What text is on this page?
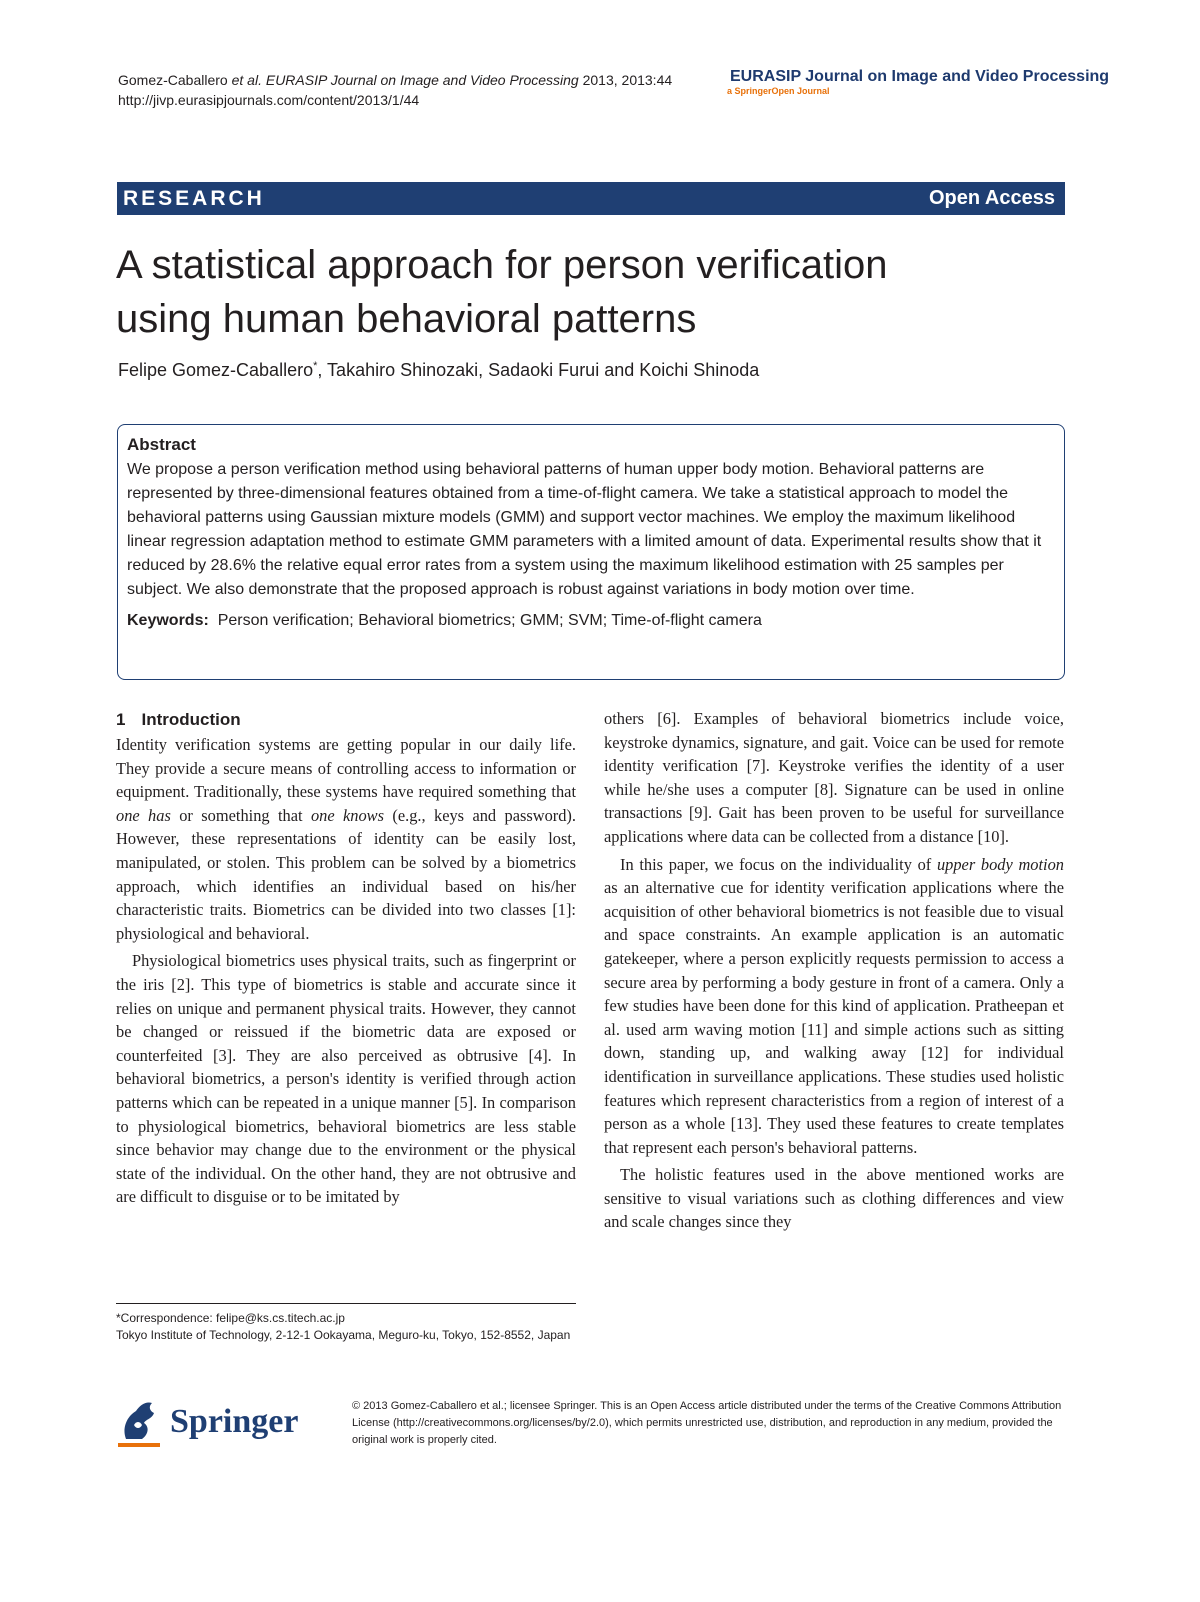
Gomez-Caballero et al. EURASIP Journal on Image and Video Processing 2013, 2013:44
http://jivp.eurasipjournals.com/content/2013/1/44
EURASIP Journal on Image and Video Processing
a SpringerOpen Journal
RESEARCH	Open Access
A statistical approach for person verification
using human behavioral patterns
Felipe Gomez-Caballero*, Takahiro Shinozaki, Sadaoki Furui and Koichi Shinoda
Abstract
We propose a person verification method using behavioral patterns of human upper body motion. Behavioral patterns are represented by three-dimensional features obtained from a time-of-flight camera. We take a statistical approach to model the behavioral patterns using Gaussian mixture models (GMM) and support vector machines. We employ the maximum likelihood linear regression adaptation method to estimate GMM parameters with a limited amount of data. Experimental results show that it reduced by 28.6% the relative equal error rates from a system using the maximum likelihood estimation with 25 samples per subject. We also demonstrate that the proposed approach is robust against variations in body motion over time.
Keywords: Person verification; Behavioral biometrics; GMM; SVM; Time-of-flight camera
1 Introduction

Identity verification systems are getting popular in our daily life. They provide a secure means of controlling access to information or equipment. Traditionally, these systems have required something that one has or something that one knows (e.g., keys and password). However, these representations of identity can be easily lost, manipulated, or stolen. This problem can be solved by a biometrics approach, which identifies an individual based on his/her characteristic traits. Biometrics can be divided into two classes [1]: physiological and behavioral.

Physiological biometrics uses physical traits, such as fingerprint or the iris [2]. This type of biometrics is stable and accurate since it relies on unique and permanent physical traits. However, they cannot be changed or reissued if the biometric data are exposed or counterfeited [3]. They are also perceived as obtrusive [4]. In behavioral biometrics, a person's identity is verified through action patterns which can be repeated in a unique manner [5]. In comparison to physiological biometrics, behavioral biometrics are less stable since behavior may change due to the environment or the physical state of the individual. On the other hand, they are not obtrusive and are difficult to disguise or to be imitated by

others [6]. Examples of behavioral biometrics include voice, keystroke dynamics, signature, and gait. Voice can be used for remote identity verification [7]. Keystroke verifies the identity of a user while he/she uses a computer [8]. Signature can be used in online transactions [9]. Gait has been proven to be useful for surveillance applications where data can be collected from a distance [10].

In this paper, we focus on the individuality of upper body motion as an alternative cue for identity verification applications where the acquisition of other behavioral biometrics is not feasible due to visual and space constraints. An example application is an automatic gatekeeper, where a person explicitly requests permission to access a secure area by performing a body gesture in front of a camera. Only a few studies have been done for this kind of application. Pratheepan et al. used arm waving motion [11] and simple actions such as sitting down, standing up, and walking away [12] for individual identification in surveillance applications. These studies used holistic features which represent characteristics from a region of interest of a person as a whole [13]. They used these features to create templates that represent each person's behavioral patterns.

The holistic features used in the above mentioned works are sensitive to visual variations such as clothing differences and view and scale changes since they

*Correspondence: felipe@ks.cs.titech.ac.jp
Tokyo Institute of Technology, 2-12-1 Ookayama, Meguro-ku, Tokyo, 152-8552, Japan
Springer	© 2013 Gomez-Caballero et al.; licensee Springer. This is an Open Access article distributed under the terms of the Creative Commons Attribution License (http://creativecommons.org/licenses/by/2.0), which permits unrestricted use, distribution, and reproduction in any medium, provided the original work is properly cited.
